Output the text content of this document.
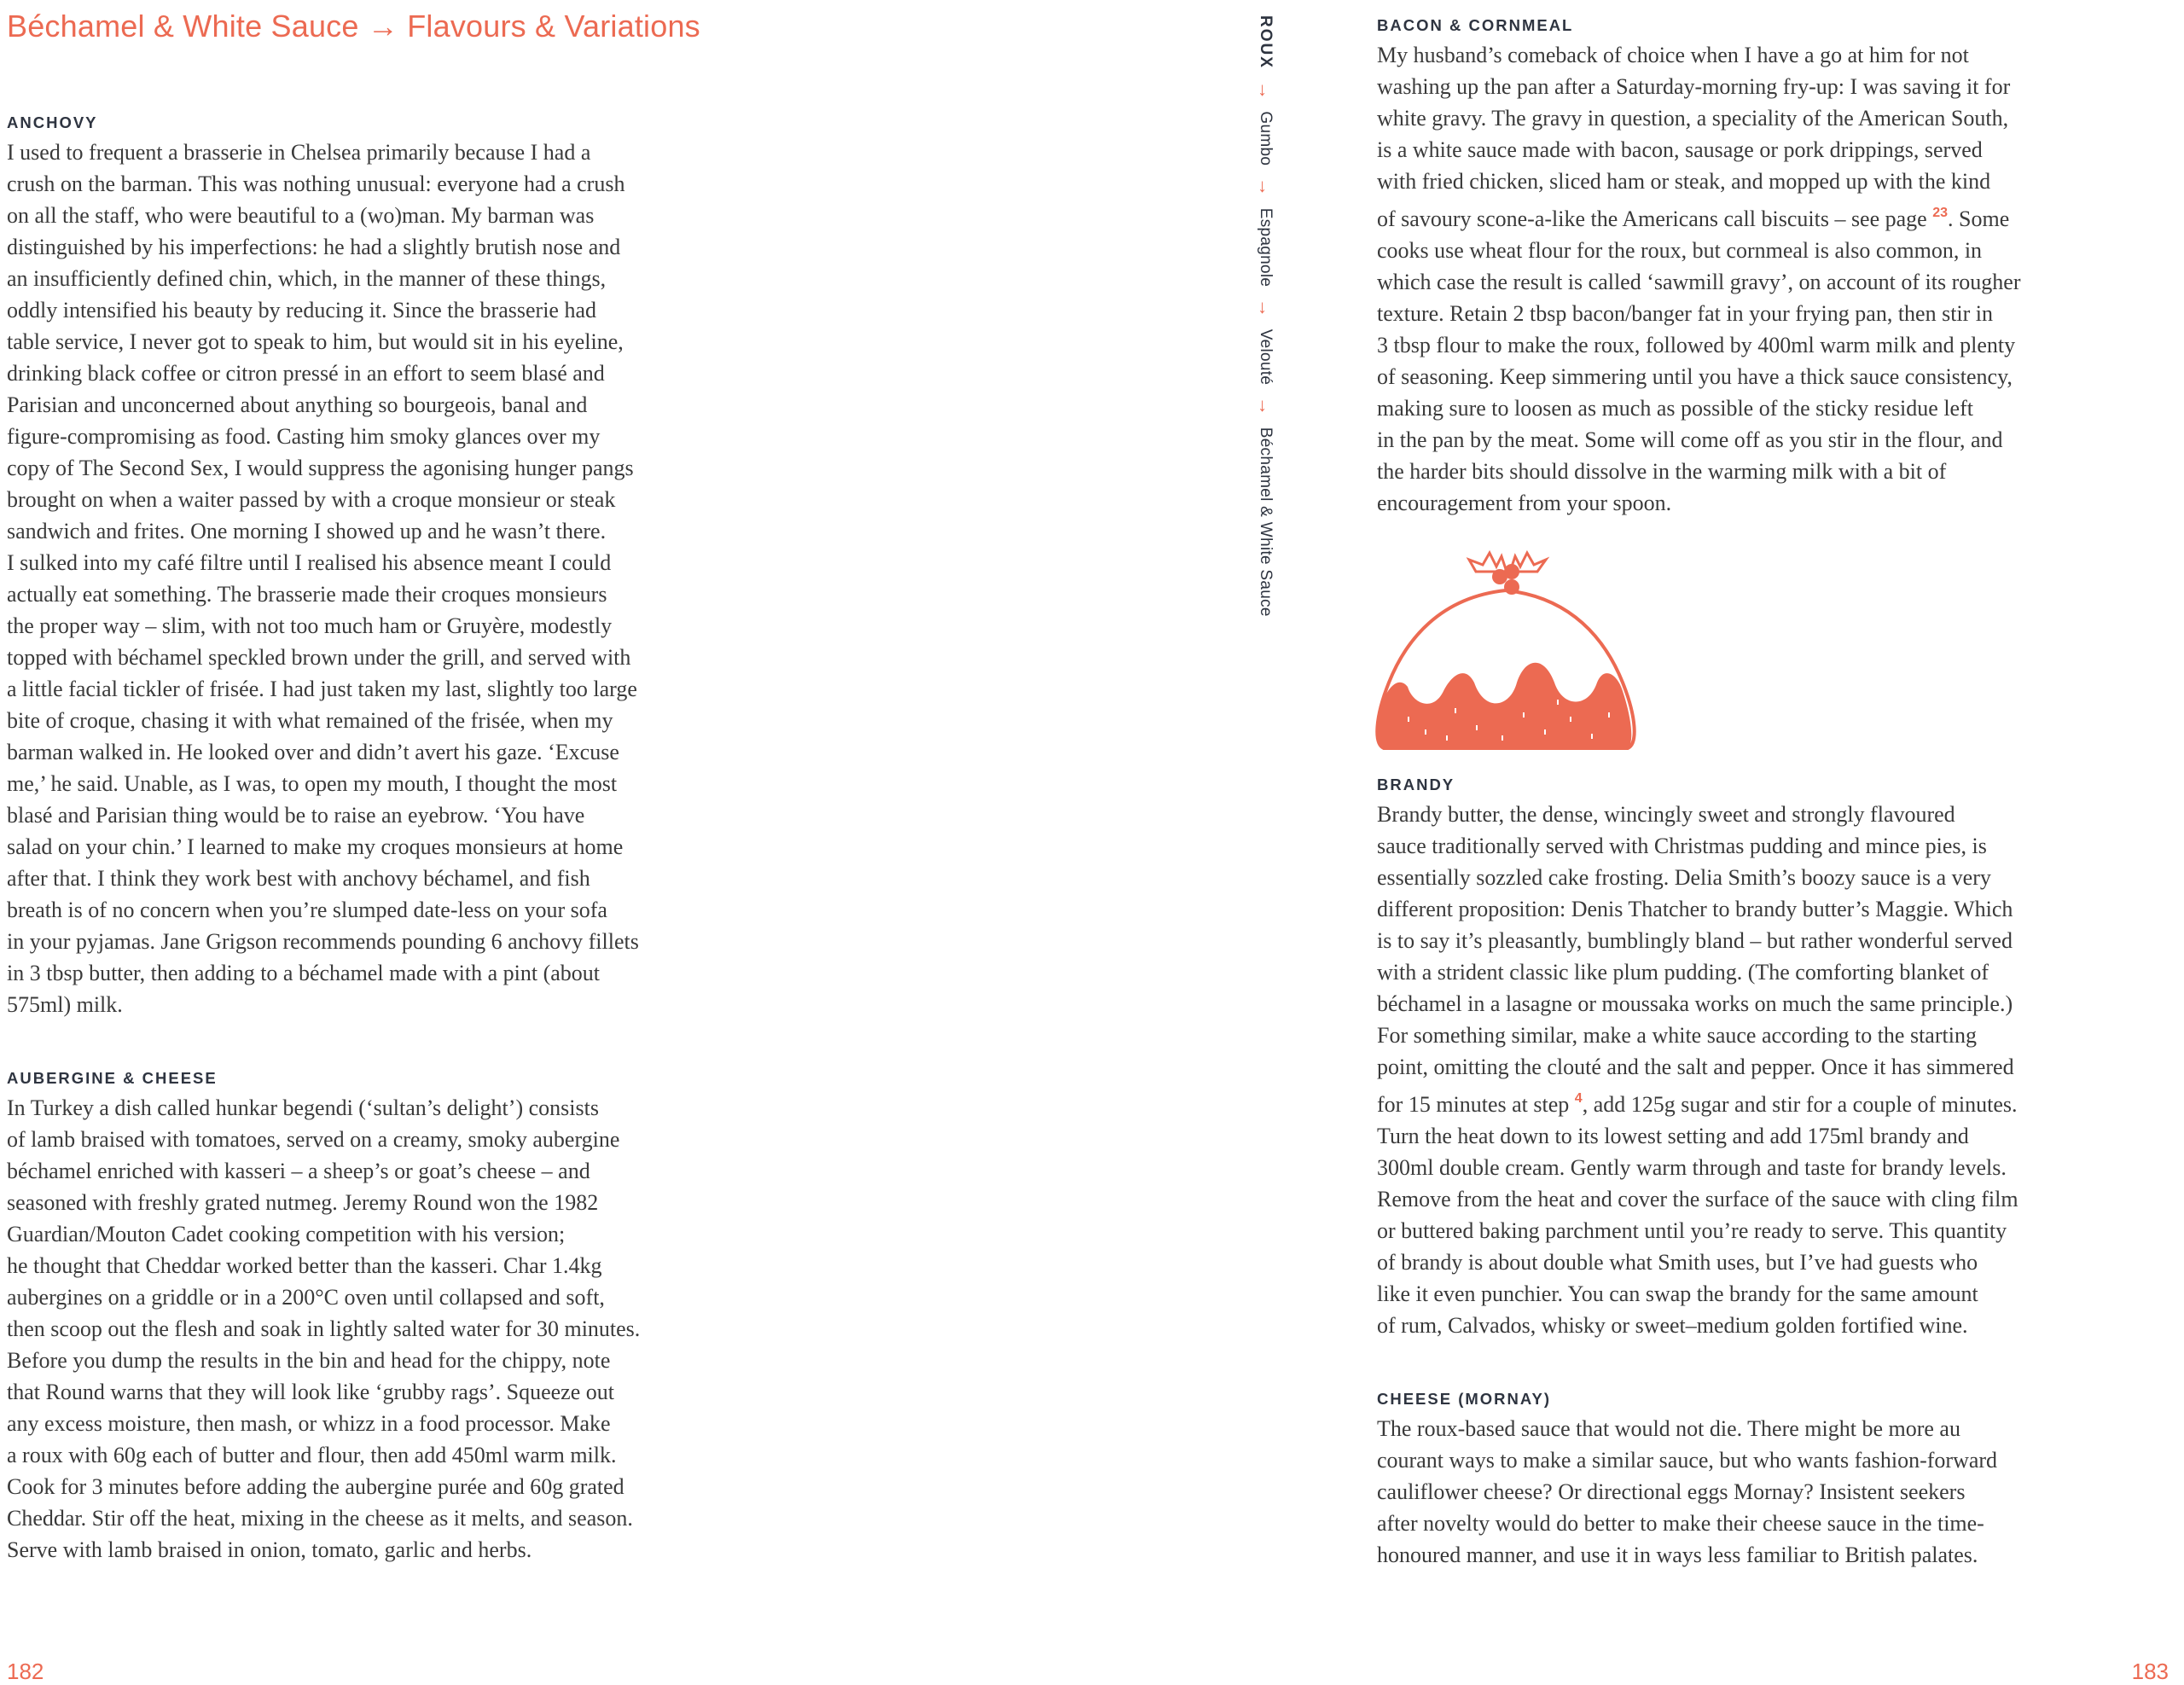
Béchamel & White Sauce → Flavours & Variations
ANCHOVY

I used to frequent a brasserie in Chelsea primarily because I had a

crush on the barman. This was nothing unusual: everyone had a crush

on all the staff, who were beautiful to a (wo)man. My barman was

distinguished by his imperfections: he had a slightly brutish nose and

an insufficiently defined chin, which, in the manner of these things,

oddly intensified his beauty by reducing it. Since the brasserie had

table service, I never got to speak to him, but would sit in his eyeline,

drinking black coffee or citron pressé in an effort to seem blasé and

Parisian and unconcerned about anything so bourgeois, banal and

figure-compromising as food. Casting him smoky glances over my

copy of The Second Sex, I would suppress the agonising hunger pangs

brought on when a waiter passed by with a croque monsieur or steak

sandwich and frites. One morning I showed up and he wasn’t there.

I sulked into my café filtre until I realised his absence meant I could

actually eat something. The brasserie made their croques monsieurs

the proper way – slim, with not too much ham or Gruyère, modestly

topped with béchamel speckled brown under the grill, and served with

a little facial tickler of frisée. I had just taken my last, slightly too large

bite of croque, chasing it with what remained of the frisée, when my

barman walked in. He looked over and didn’t avert his gaze. ‘Excuse

me,’ he said. Unable, as I was, to open my mouth, I thought the most

blasé and Parisian thing would be to raise an eyebrow. ‘You have

salad on your chin.’ I learned to make my croques monsieurs at home

after that. I think they work best with anchovy béchamel, and fish

breath is of no concern when you’re slumped date-less on your sofa

in your pyjamas. Jane Grigson recommends pounding 6 anchovy fillets

in 3 tbsp butter, then adding to a béchamel made with a pint (about

575ml) milk.

AUBERGINE & CHEESE

In Turkey a dish called hunkar begendi (‘sultan’s delight’) consists

of lamb braised with tomatoes, served on a creamy, smoky aubergine

béchamel enriched with kasseri – a sheep’s or goat’s cheese – and

seasoned with freshly grated nutmeg. Jeremy Round won the 1982

Guardian/Mouton Cadet cooking competition with his version;

he thought that Cheddar worked better than the kasseri. Char 1.4kg

aubergines on a griddle or in a 200°C oven until collapsed and soft,

then scoop out the flesh and soak in lightly salted water for 30 minutes.

Before you dump the results in the bin and head for the chippy, note

that Round warns that they will look like ‘grubby rags’. Squeeze out

any excess moisture, then mash, or whizz in a food processor. Make

a roux with 60g each of butter and flour, then add 450ml warm milk.

Cook for 3 minutes before adding the aubergine purée and 60g grated

Cheddar. Stir off the heat, mixing in the cheese as it melts, and season.

Serve with lamb braised in onion, tomato, garlic and herbs.

ROUX → Gumbo → Espagnole → Velouté → Béchamel & White Sauce
BACON & CORNMEAL

My husband’s comeback of choice when I have a go at him for not

washing up the pan after a Saturday-morning fry-up: I was saving it for

white gravy. The gravy in question, a speciality of the American South,

is a white sauce made with bacon, sausage or pork drippings, served

with fried chicken, sliced ham or steak, and mopped up with the kind

of savoury scone-a-like the Americans call biscuits – see page $^{23}$. Some

cooks use wheat flour for the roux, but cornmeal is also common, in

which case the result is called ‘sawmill gravy’, on account of its rougher

texture. Retain 2 tbsp bacon/banger fat in your frying pan, then stir in

3 tbsp flour to make the roux, followed by 400ml warm milk and plenty

of seasoning. Keep simmering until you have a thick sauce consistency,

making sure to loosen as much as possible of the sticky residue left

in the pan by the meat. Some will come off as you stir in the flour, and

the harder bits should dissolve in the warming milk with a bit of

encouragement from your spoon.

BRANDY

Brandy butter, the dense, wincingly sweet and strongly flavoured

sauce traditionally served with Christmas pudding and mince pies, is

essentially sozzled cake frosting. Delia Smith’s boozy sauce is a very

different proposition: Denis Thatcher to brandy butter’s Maggie. Which

is to say it’s pleasantly, bumblingly bland – but rather wonderful served

with a strident classic like plum pudding. (The comforting blanket of

béchamel in a lasagne or moussaka works on much the same principle.)

For something similar, make a white sauce according to the starting

point, omitting the clouté and the salt and pepper. Once it has simmered

for 15 minutes at step $^4$, add 125g sugar and stir for a couple of minutes.

Turn the heat down to its lowest setting and add 175ml brandy and

300ml double cream. Gently warm through and taste for brandy levels.

Remove from the heat and cover the surface of the sauce with cling film

or buttered baking parchment until you’re ready to serve. This quantity

of brandy is about double what Smith uses, but I’ve had guests who

like it even punchier. You can swap the brandy for the same amount

of rum, Calvados, whisky or sweet–medium golden fortified wine.

CHEESE (MORNAY)

The roux-based sauce that would not die. There might be more au

courant ways to make a similar sauce, but who wants fashion-forward

cauliflower cheese? Or directional eggs Mornay? Insistent seekers

after novelty would do better to make their cheese sauce in the time-

honoured manner, and use it in ways less familiar to British palates.

182	183
